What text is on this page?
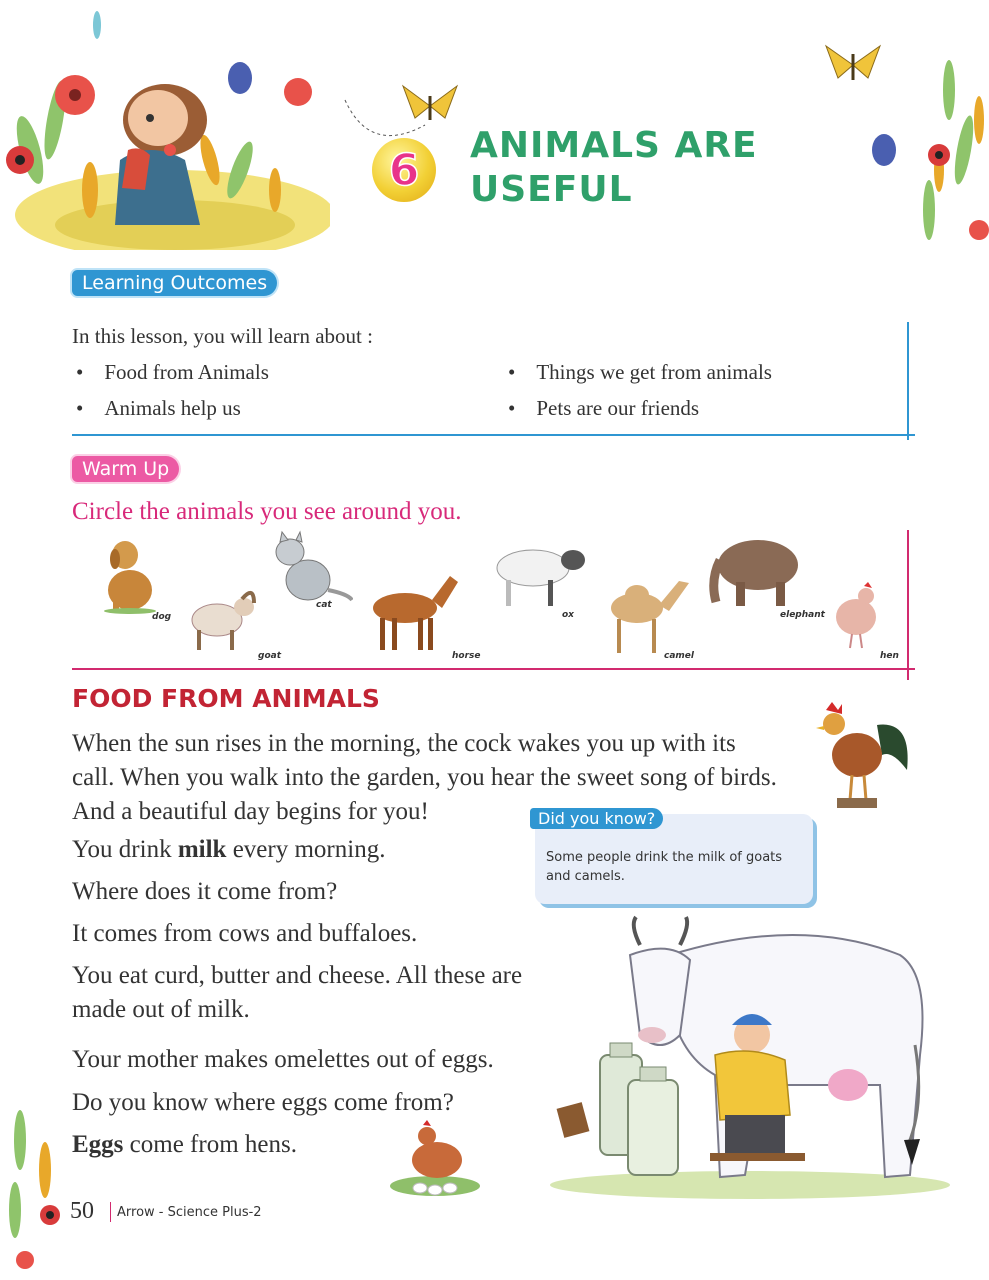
6	ANIMALS ARE
USEFUL
Learning Outcomes
In this lesson, you will learn about :
•    Food from Animals
•    Animals help us
•    Things we get from animals
•    Pets are our friends
Warm Up
Circle the animals you see around you.
dog
goat
cat
horse
ox
camel
elephant
hen
FOOD FROM ANIMALS
When the sun rises in the morning, the cock wakes you up with its
call. When you walk into the garden, you hear the sweet song of birds.
And a beautiful day begins for you!
You drink milk every morning.
Where does it come from?
It comes from cows and buffaloes.
You eat curd, butter and cheese. All these are
made out of milk.
Your mother makes omelettes out of eggs.
Do you know where eggs come from?
Eggs come from hens.
Did you know?
Some people drink the milk of goats and camels.
50 Arrow - Science Plus-2
